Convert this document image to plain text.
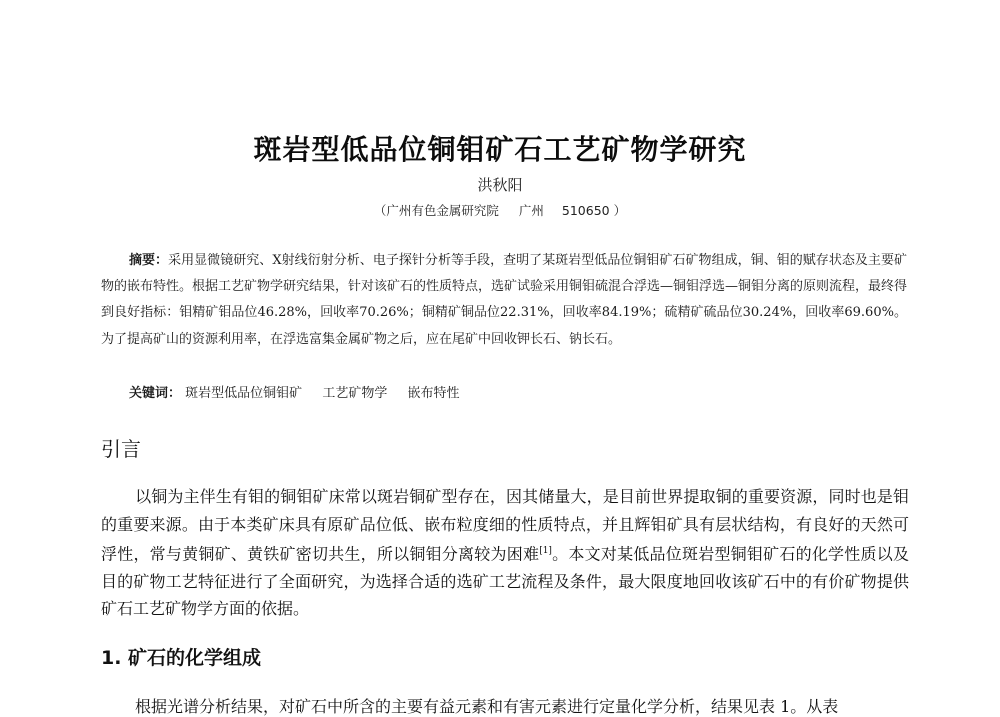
斑岩型低品位铜钼矿石工艺矿物学研究
洪秋阳
（广州有色金属研究院 广州 510650 ）
摘要：采用显微镜研究、X射线衍射分析、电子探针分析等手段，查明了某斑岩型低品位铜钼矿石矿物组成，铜、钼的赋存状态及主要矿物的嵌布特性。根据工艺矿物学研究结果，针对该矿石的性质特点，选矿试验采用铜钼硫混合浮选—铜钼浮选—铜钼分离的原则流程，最终得到良好指标：钼精矿钼品位46.28%，回收率70.26%；铜精矿铜品位22.31%，回收率84.19%；硫精矿硫品位30.24%，回收率69.60%。为了提高矿山的资源利用率，在浮选富集金属矿物之后，应在尾矿中回收钾长石、钠长石。
关键词： 斑岩型低品位铜钼矿 工艺矿物学 嵌布特性
引言
以铜为主伴生有钼的铜钼矿床常以斑岩铜矿型存在，因其储量大，是目前世界提取铜的重要资源，同时也是钼的重要来源。由于本类矿床具有原矿品位低、嵌布粒度细的性质特点，并且辉钼矿具有层状结构，有良好的天然可浮性，常与黄铜矿、黄铁矿密切共生，所以铜钼分离较为困难[1]。本文对某低品位斑岩型铜钼矿石的化学性质以及目的矿物工艺特征进行了全面研究，为选择合适的选矿工艺流程及条件，最大限度地回收该矿石中的有价矿物提供矿石工艺矿物学方面的依据。
1. 矿石的化学组成
根据光谱分析结果，对矿石中所含的主要有益元素和有害元素进行定量化学分析，结果见表 1。从表
